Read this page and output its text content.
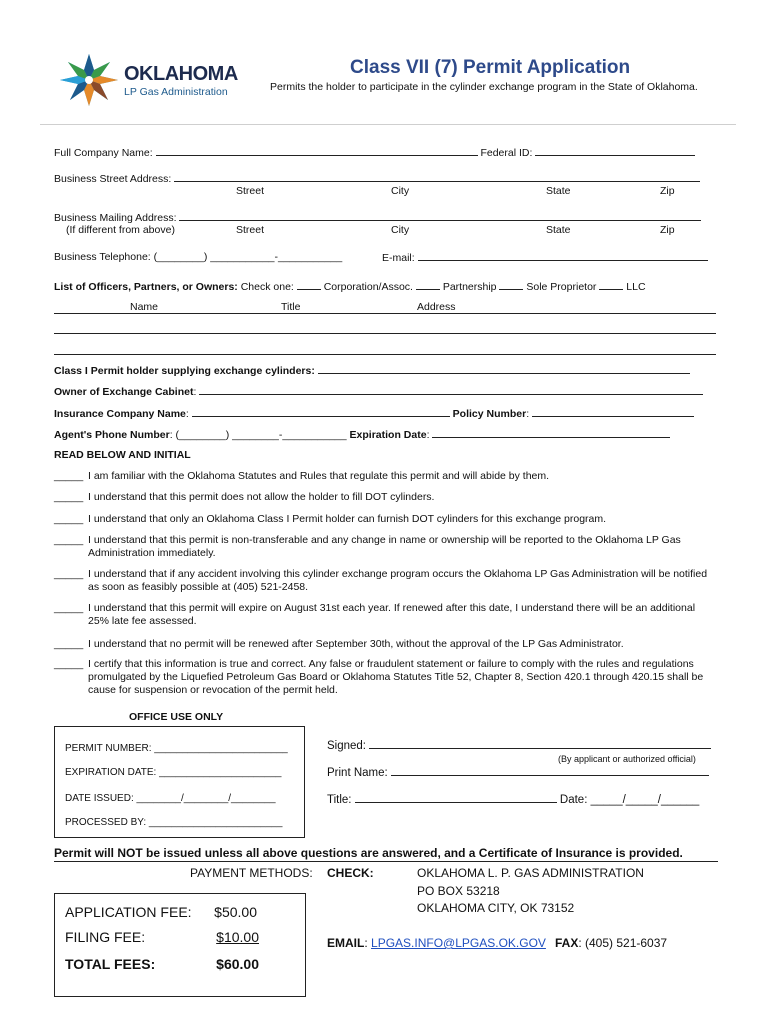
OKLAHOMA
LP Gas Administration
Class VII (7) Permit Application
Permits the holder to participate in the cylinder exchange program in the State of Oklahoma.
Full Company Name:	Federal ID:
Business Street Address:
Street	City	State	Zip
Business Mailing Address:
(If different from above)	Street	City	State	Zip
Business Telephone: (________) ___________-___________	E-mail:
List of Officers, Partners, or Owners: Check one:	Corporation/Assoc.	Partnership	Sole Proprietor	LLC
Name	Title	Address
Class I Permit holder supplying exchange cylinders:
Owner of Exchange Cabinet:
Insurance Company Name:	Policy Number:
Agent's Phone Number: (________) ________-___________ Expiration Date:
READ BELOW AND INITIAL
_____ I am familiar with the Oklahoma Statutes and Rules that regulate this permit and will abide by them.
_____ I understand that this permit does not allow the holder to fill DOT cylinders.
_____ I understand that only an Oklahoma Class I Permit holder can furnish DOT cylinders for this exchange program.
_____ I understand that this permit is non-transferable and any change in name or ownership will be reported to the Oklahoma LP Gas Administration immediately.
_____ I understand that if any accident involving this cylinder exchange program occurs the Oklahoma LP Gas Administration will be notified as soon as feasibly possible at (405) 521-2458.
_____ I understand that this permit will expire on August 31st each year. If renewed after this date, I understand there will be an additional 25% late fee assessed.
_____ I understand that no permit will be renewed after September 30th, without the approval of the LP Gas Administrator.
_____ I certify that this information is true and correct. Any false or fraudulent statement or failure to comply with the rules and regulations promulgated by the Liquefied Petroleum Gas Board or Oklahoma Statutes Title 52, Chapter 8, Section 420.1 through 420.15 shall be cause for suspension or revocation of the permit held.
OFFICE USE ONLY
PERMIT NUMBER: ________________________
EXPIRATION DATE: ______________________
DATE ISSUED: ________/________/________
PROCESSED BY: ________________________
Signed:
(By applicant or authorized official)
Print Name:
Title:	Date: _____/_____/______
Permit will NOT be issued unless all above questions are answered, and a Certificate of Insurance is provided.
PAYMENT METHODS: CHECK:	OKLAHOMA L. P. GAS ADMINISTRATION
PO BOX 53218
OKLAHOMA CITY, OK 73152
EMAIL: LPGAS.INFO@LPGAS.OK.GOV FAX: (405) 521-6037
APPLICATION FEE: $50.00
FILING FEE:	$10.00
TOTAL FEES:	$60.00
